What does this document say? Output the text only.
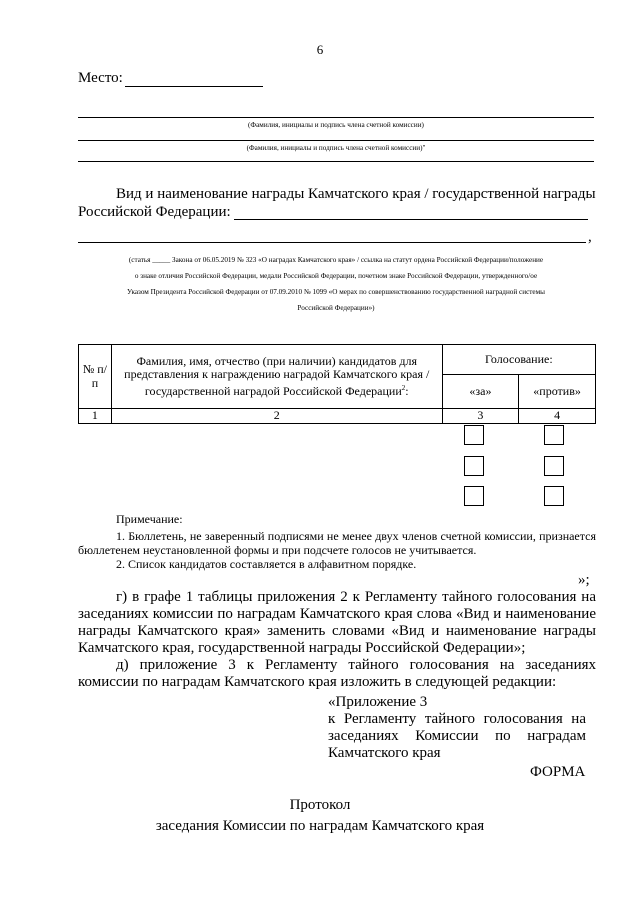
6
Место:
(Фамилия, инициалы и подпись члена счетной комиссии)
(Фамилия, инициалы и подпись члена счетной комиссии)"
Вид и наименование награды Камчатского края / государственной награды
Российской Федерации:
,
(статья _____ Закона от 06.05.2019 № 323 «О наградах Камчатского края» / ссылка на статут ордена Российской Федерации/положение
о знаке отличия Российской Федерации, медали Российской Федерации, почетном знаке Российской Федерации, утвержденного/ое
Указом Президента Российской Федерации от 07.09.2010 № 1099 «О мерах по совершенствованию государственной наградной системы
Российской Федерации»)
№ п/п	Фамилия, имя, отчество (при наличии) кандидатов для представления к награждению наградой Камчатского края / государственной наградой Российской Федерации$^2$:	Голосование:	
		«за»	«против»
1	2	3	4
Примечание:
1. Бюллетень, не заверенный подписями не менее двух членов счетной комиссии, признается бюллетенем неустановленной формы и при подсчете голосов не учитывается.
2. Список кандидатов составляется в алфавитном порядке.
»;
г) в графе 1 таблицы приложения 2 к Регламенту тайного голосования на заседаниях комиссии по наградам Камчатского края слова «Вид и наименование награды Камчатского края» заменить словами «Вид и наименование награды Камчатского края, государственной награды Российской Федерации»;
д) приложение 3 к Регламенту тайного голосования на заседаниях комиссии по наградам Камчатского края изложить в следующей редакции:
«Приложение 3
к Регламенту тайного голосования на заседаниях Комиссии по наградам Камчатского края
ФОРМА
Протокол
заседания Комиссии по наградам Камчатского края
